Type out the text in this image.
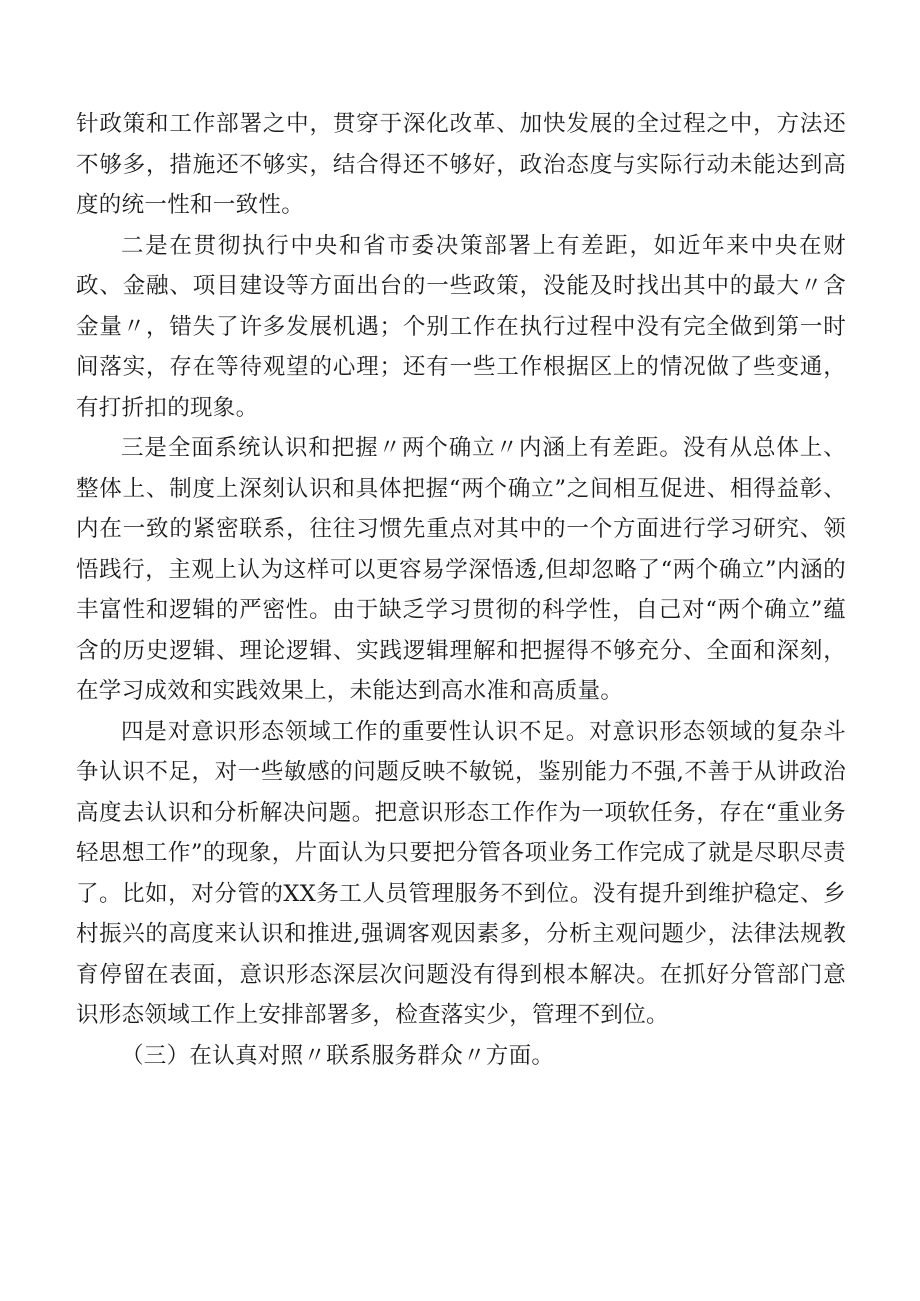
针政策和工作部署之中，贯穿于深化改革、加快发展的全过程之中，方法还不够多，措施还不够实，结合得还不够好，政治态度与实际行动未能达到高度的统一性和一致性。

二是在贯彻执行中央和省市委决策部署上有差距，如近年来中央在财政、金融、项目建设等方面出台的一些政策，没能及时找出其中的最大〃含金量〃，错失了许多发展机遇；个别工作在执行过程中没有完全做到第一时间落实，存在等待观望的心理；还有一些工作根据区上的情况做了些变通，有打折扣的现象。

三是全面系统认识和把握〃两个确立〃内涵上有差距。没有从总体上、整体上、制度上深刻认识和具体把握“两个确立”之间相互促进、相得益彰、内在一致的紧密联系，往往习惯先重点对其中的一个方面进行学习研究、领悟践行，主观上认为这样可以更容易学深悟透,但却忽略了“两个确立”内涵的丰富性和逻辑的严密性。由于缺乏学习贯彻的科学性，自己对“两个确立”蕴含的历史逻辑、理论逻辑、实践逻辑理解和把握得不够充分、全面和深刻，在学习成效和实践效果上，未能达到高水准和高质量。

四是对意识形态领域工作的重要性认识不足。对意识形态领域的复杂斗争认识不足，对一些敏感的问题反映不敏锐，鉴别能力不强,不善于从讲政治高度去认识和分析解决问题。把意识形态工作作为一项软任务，存在“重业务轻思想工作”的现象，片面认为只要把分管各项业务工作完成了就是尽职尽责了。比如，对分管的XX务工人员管理服务不到位。没有提升到维护稳定、乡村振兴的高度来认识和推进,强调客观因素多，分析主观问题少，法律法规教育停留在表面，意识形态深层次问题没有得到根本解决。在抓好分管部门意识形态领域工作上安排部署多，检查落实少，管理不到位。

（三）在认真对照〃联系服务群众〃方面。
